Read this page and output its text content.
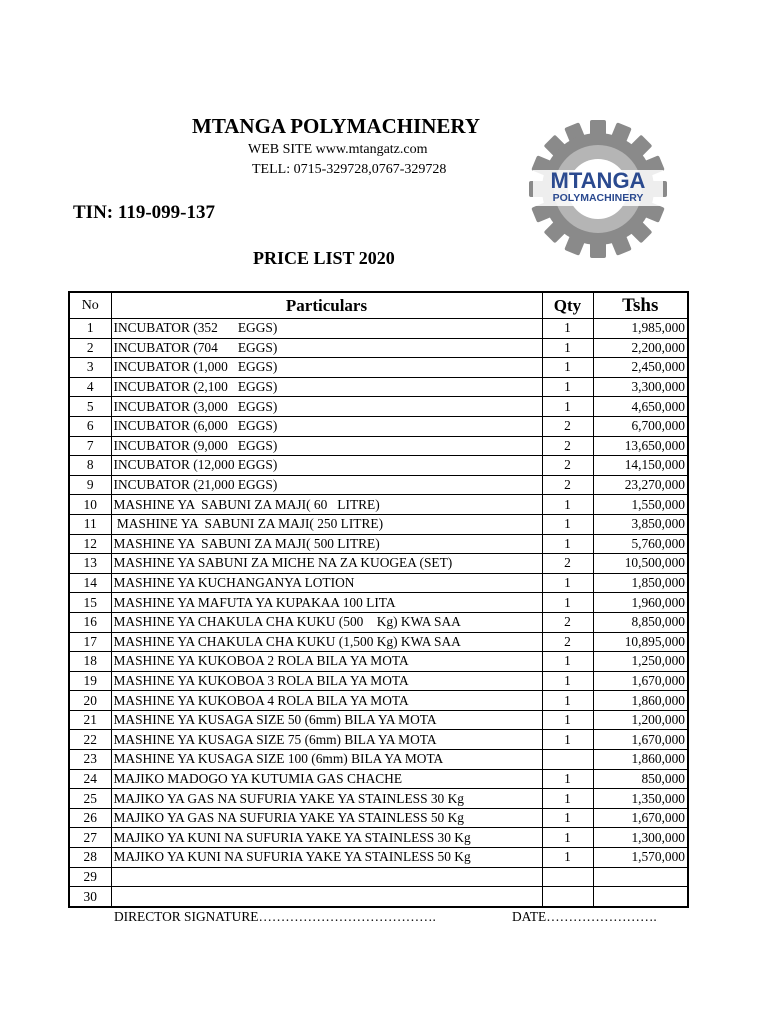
MTANGA POLYMACHINERY
WEB SITE www.mtangatz.com
TELL: 0715-329728,0767-329728
TIN: 119-099-137
PRICE LIST 2020
MTANGA
POLYMACHINERY
No	Particulars	Qty	Tshs
1	INCUBATOR (352      EGGS)	1	1,985,000
2	INCUBATOR (704      EGGS)	1	2,200,000
3	INCUBATOR (1,000   EGGS)	1	2,450,000
4	INCUBATOR (2,100   EGGS)	1	3,300,000
5	INCUBATOR (3,000   EGGS)	1	4,650,000
6	INCUBATOR (6,000   EGGS)	2	6,700,000
7	INCUBATOR (9,000   EGGS)	2	13,650,000
8	INCUBATOR (12,000 EGGS)	2	14,150,000
9	INCUBATOR (21,000 EGGS)	2	23,270,000
10	MASHINE YA  SABUNI ZA MAJI( 60   LITRE)	1	1,550,000
11	MASHINE YA  SABUNI ZA MAJI( 250 LITRE)	1	3,850,000
12	MASHINE YA  SABUNI ZA MAJI( 500 LITRE)	1	5,760,000
13	MASHINE YA SABUNI ZA MICHE NA ZA KUOGEA (SET)	2	10,500,000
14	MASHINE YA KUCHANGANYA LOTION	1	1,850,000
15	MASHINE YA MAFUTA YA KUPAKAA 100 LITA	1	1,960,000
16	MASHINE YA CHAKULA CHA KUKU (500    Kg) KWA SAA	2	8,850,000
17	MASHINE YA CHAKULA CHA KUKU (1,500 Kg) KWA SAA	2	10,895,000
18	MASHINE YA KUKOBOA 2 ROLA BILA YA MOTA	1	1,250,000
19	MASHINE YA KUKOBOA 3 ROLA BILA YA MOTA	1	1,670,000
20	MASHINE YA KUKOBOA 4 ROLA BILA YA MOTA	1	1,860,000
21	MASHINE YA KUSAGA SIZE 50 (6mm) BILA YA MOTA	1	1,200,000
22	MASHINE YA KUSAGA SIZE 75 (6mm) BILA YA MOTA	1	1,670,000
23	MASHINE YA KUSAGA SIZE 100 (6mm) BILA YA MOTA		1,860,000
24	MAJIKO MADOGO YA KUTUMIA GAS CHACHE	1	850,000
25	MAJIKO YA GAS NA SUFURIA YAKE YA STAINLESS 30 Kg	1	1,350,000
26	MAJIKO YA GAS NA SUFURIA YAKE YA STAINLESS 50 Kg	1	1,670,000
27	MAJIKO YA KUNI NA SUFURIA YAKE YA STAINLESS 30 Kg	1	1,300,000
28	MAJIKO YA KUNI NA SUFURIA YAKE YA STAINLESS 50 Kg	1	1,570,000
29			
30			
DIRECTOR SIGNATURE………………………………….	DATE…………………….
